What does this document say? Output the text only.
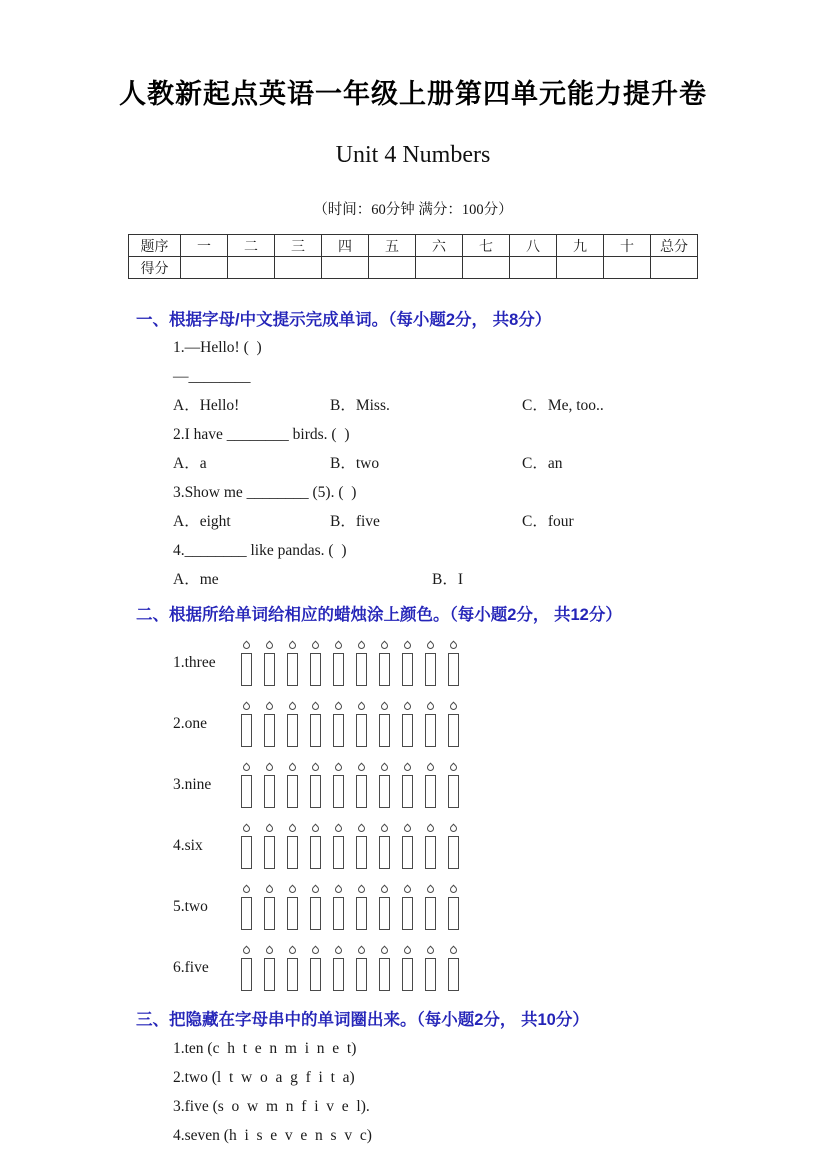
人教新起点英语一年级上册第四单元能力提升卷
Unit 4 Numbers
（时间：60分钟 满分：100分）
题序	一	二	三	四	五	六	七	八	九	十	总分
得分											
一、根据字母/中文提示完成单词。（每小题2分， 共8分）
1.—Hello! (  )
—________
A．Hello!	B．Miss.	C．Me, too..
2.I have ________ birds. (  )
A．a	B．two	C．an
3.Show me ________ (5). (  )
A．eight	B．five	C．four
4.________ like pandas. (  )
A．me	B．I
二、根据所给单词给相应的蜡烛涂上颜色。（每小题2分， 共12分）
1.three
2.one
3.nine
4.six
5.two
6.five
三、把隐藏在字母串中的单词圈出来。（每小题2分， 共10分）
1.ten (c  h  t  e  n  m  i  n  e  t)
2.two (l  t  w  o  a  g  f  i  t  a)
3.five (s  o  w  m  n  f  i  v  e  l).
4.seven (h  i  s  e  v  e  n  s  v  c)
